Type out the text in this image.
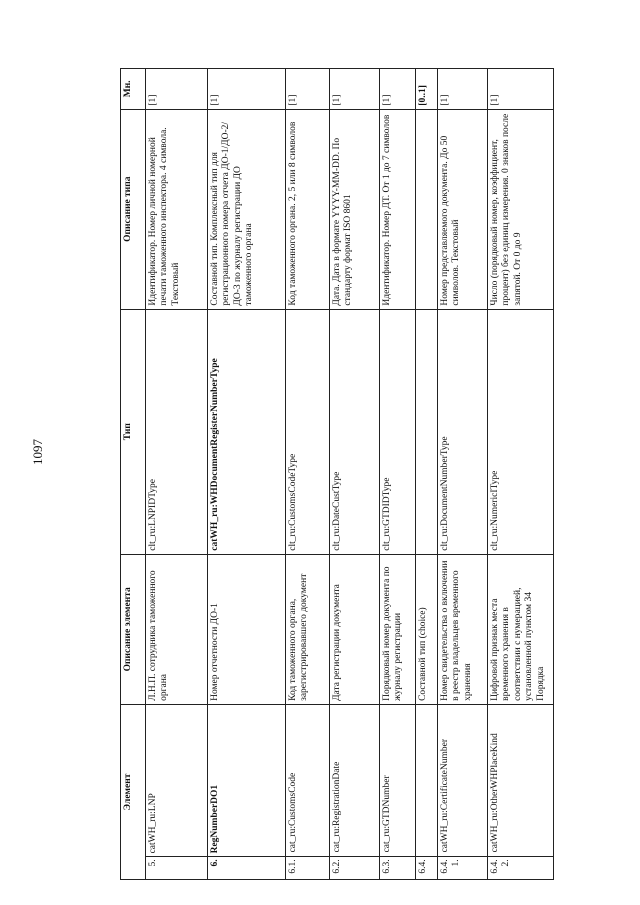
1097
Элемент		Описание элемента	Тип	Описание типа	Мн.
5.	catWH_ru:LNP	Л.Н.П. сотрудника таможенного органа	clt_ru:LNPIDType	Идентификатор. Номер личной номерной печати таможенного инспектора. 4 символа. Текстовый	[1]
6.	RegNumberDO1	Номер отчетности ДО-1	catWH_ru:WHDocumentRegisterNumberType	Составной тип. Комплексный тип для регистрационного номера отчета ДО-1/ДО-2/ДО-3 по журналу регистрации ДО таможенного органа	[1]
6.1.	cat_ru:CustomsCode	Код таможенного органа, зарегистрировавшего документ	clt_ru:CustomsCodeType	Код таможенного органа. 2, 5 или 8 символов	[1]
6.2.	cat_ru:RegistrationDate	Дата регистрации документа	clt_ru:DateCustType	Дата. Дата в формате YYYY-MM-DD. По стандарту формат ISO 8601	[1]
6.3.	cat_ru:GTDNumber	Порядковый номер документа по журналу регистрации	clt_ru:GTDIDType	Идентификатор. Номер ДТ. От 1 до 7 символов	[1]
6.4.		Составной тип (choice)			[0..1]
6.4.1.	catWH_ru:CertificateNumber	Номер свидетельства о включении в реестр владельцев временного хранения	clt_ru:DocumentNumberType	Номер представляемого документа. До 50 символов. Текстовый	[1]
6.4.2.	catWH_ru:OtherWHPlaceKind	Цифровой признак места временного хранения в соответствии с нумерацией, установленной пунктом 34 Порядка	clt_ru:NumericIType	Число (порядковый номер, коэффициент, процент) без единиц измерения. 0 знаков после запятой. От 0 до 9	[1]
